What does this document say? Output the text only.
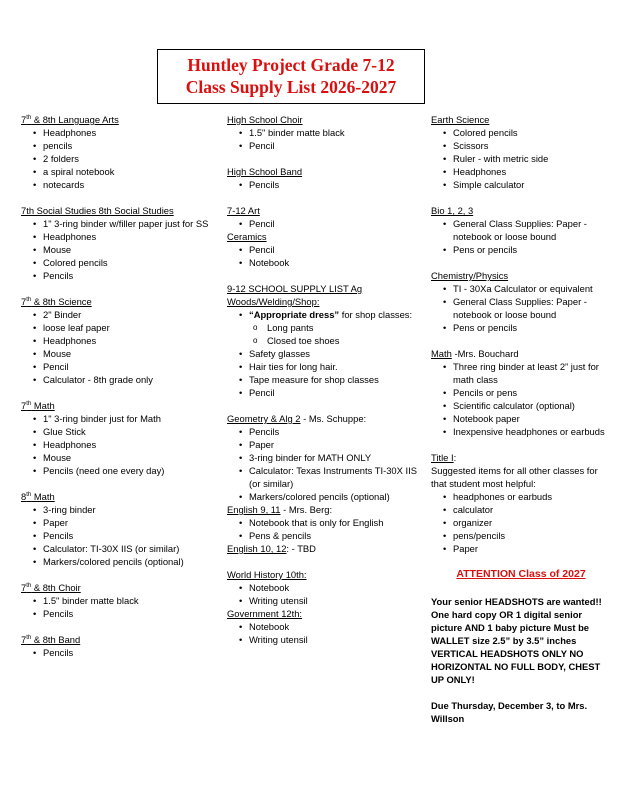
Huntley Project Grade 7-12
Class Supply List 2026-2027
7th & 8th Language Arts
• Headphones
• pencils
• 2 folders
• a spiral notebook
• notecards
7th Social Studies 8th Social Studies
• 1" 3-ring binder w/filler paper just for SS
• Headphones
• Mouse
• Colored pencils
• Pencils
7th & 8th Science
• 2" Binder
• loose leaf paper
• Headphones
• Mouse
• Pencil
• Calculator - 8th grade only
7th Math
• 1" 3-ring binder just for Math
• Glue Stick
• Headphones
• Mouse
• Pencils (need one every day)
8th Math
• 3-ring binder
• Paper
• Pencils
• Calculator: TI-30X IIS (or similar)
• Markers/colored pencils (optional)
7th & 8th Choir
• 1.5" binder matte black
• Pencils
7th & 8th Band
• Pencils
High School Choir
• 1.5" binder matte black
• Pencil
High School Band
• Pencils
7-12 Art
• Pencil
Ceramics
• Pencil
• Notebook
9-12 SCHOOL SUPPLY LIST Ag
Woods/Welding/Shop:
• “Appropriate dress” for shop classes:
o Long pants
o Closed toe shoes
• Safety glasses
• Hair ties for long hair.
• Tape measure for shop classes
• Pencil
Geometry & Alg 2 - Ms. Schuppe:
• Pencils
• Paper
• 3-ring binder for MATH ONLY
• Calculator: Texas Instruments TI-30X IIS (or similar)
• Markers/colored pencils (optional)
English 9, 11 - Mrs. Berg:
• Notebook that is only for English
• Pens & pencils
English 10, 12: - TBD
World History 10th:
• Notebook
• Writing utensil
Government 12th:
• Notebook
• Writing utensil
Earth Science
• Colored pencils
• Scissors
• Ruler - with metric side
• Headphones
• Simple calculator
Bio 1, 2, 3
• General Class Supplies: Paper - notebook or loose bound
• Pens or pencils
Chemistry/Physics
• TI - 30Xa Calculator or equivalent
• General Class Supplies: Paper - notebook or loose bound
• Pens or pencils
Math -Mrs. Bouchard
• Three ring binder at least 2” just for math class
• Pencils or pens
• Scientific calculator (optional)
• Notebook paper
• Inexpensive headphones or earbuds
Title I:
Suggested items for all other classes for that student most helpful:
• headphones or earbuds
• calculator
• organizer
• pens/pencils
• Paper
ATTENTION Class of 2027
Your senior HEADSHOTS are wanted!! One hard copy OR 1 digital senior picture AND 1 baby picture Must be WALLET size 2.5” by 3.5” inches VERTICAL HEADSHOTS ONLY NO HORIZONTAL NO FULL BODY, CHEST UP ONLY!
Due Thursday, December 3, to Mrs. Willson
